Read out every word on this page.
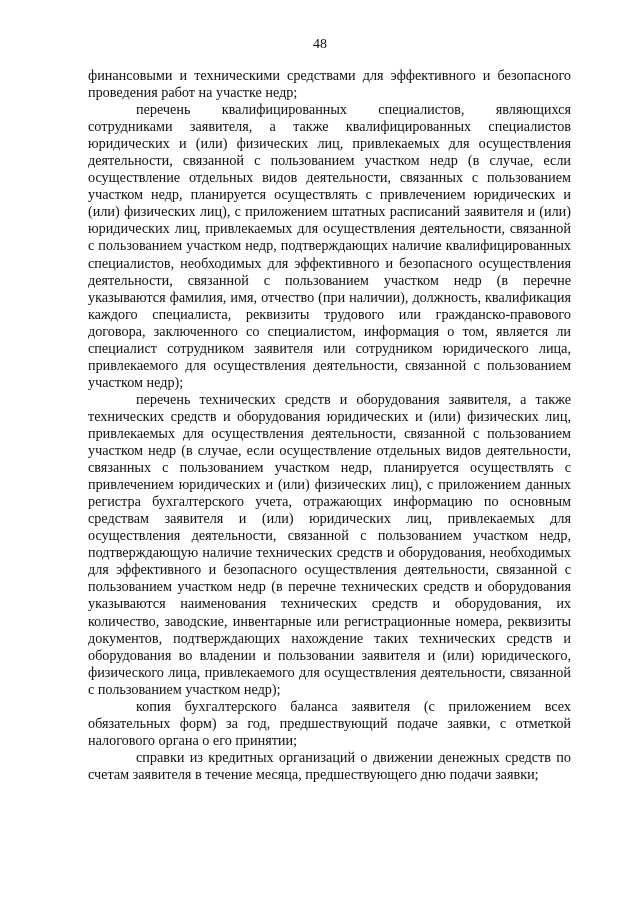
48

финансовыми и техническими средствами для эффективного и безопасного проведения работ на участке недр;

перечень квалифицированных специалистов, являющихся сотрудниками заявителя, а также квалифицированных специалистов юридических и (или) физических лиц, привлекаемых для осуществления деятельности, связанной с пользованием участком недр (в случае, если осуществление отдельных видов деятельности, связанных с пользованием участком недр, планируется осуществлять с привлечением юридических и (или) физических лиц), с приложением штатных расписаний заявителя и (или) юридических лиц, привлекаемых для осуществления деятельности, связанной с пользованием участком недр, подтверждающих наличие квалифицированных специалистов, необходимых для эффективного и безопасного осуществления деятельности, связанной с пользованием участком недр (в перечне указываются фамилия, имя, отчество (при наличии), должность, квалификация каждого специалиста, реквизиты трудового или гражданско-правового договора, заключенного со специалистом, информация о том, является ли специалист сотрудником заявителя или сотрудником юридического лица, привлекаемого для осуществления деятельности, связанной с пользованием участком недр);

перечень технических средств и оборудования заявителя, а также технических средств и оборудования юридических и (или) физических лиц, привлекаемых для осуществления деятельности, связанной с пользованием участком недр (в случае, если осуществление отдельных видов деятельности, связанных с пользованием участком недр, планируется осуществлять с привлечением юридических и (или) физических лиц), с приложением данных регистра бухгалтерского учета, отражающих информацию по основным средствам заявителя и (или) юридических лиц, привлекаемых для осуществления деятельности, связанной с пользованием участком недр, подтверждающую наличие технических средств и оборудования, необходимых для эффективного и безопасного осуществления деятельности, связанной с пользованием участком недр (в перечне технических средств и оборудования указываются наименования технических средств и оборудования, их количество, заводские, инвентарные или регистрационные номера, реквизиты документов, подтверждающих нахождение таких технических средств и оборудования во владении и пользовании заявителя и (или) юридического, физического лица, привлекаемого для осуществления деятельности, связанной с пользованием участком недр);

копия бухгалтерского баланса заявителя (с приложением всех обязательных форм) за год, предшествующий подаче заявки, с отметкой налогового органа о его принятии;

справки из кредитных организаций о движении денежных средств по счетам заявителя в течение месяца, предшествующего дню подачи заявки;
